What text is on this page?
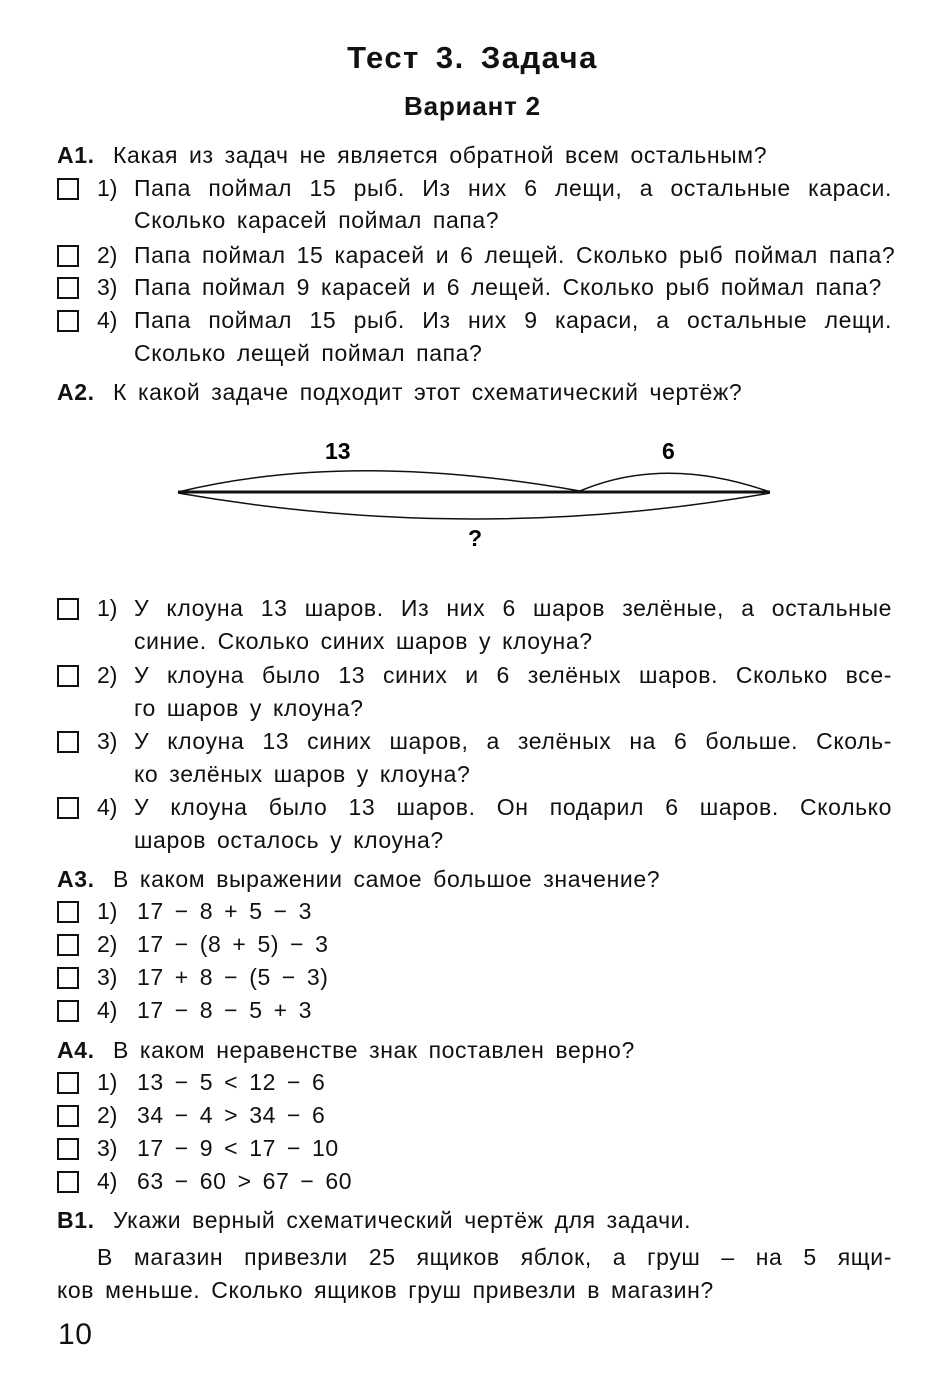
Тест 3. Задача
Вариант 2
А1. Какая из задач не является обратной всем остальным?
1) Папа поймал 15 рыб. Из них 6 лещи, а остальные караси.
Сколько карасей поймал папа?
2) Папа поймал 15 карасей и 6 лещей. Сколько рыб поймал папа?
3) Папа поймал 9 карасей и 6 лещей. Сколько рыб поймал папа?
4) Папа поймал 15 рыб. Из них 9 караси, а остальные лещи.
Сколько лещей поймал папа?
А2. К какой задаче подходит этот схематический чертёж?
1) У клоуна 13 шаров. Из них 6 шаров зелёные, а остальные
синие. Сколько синих шаров у клоуна?
2) У клоуна было 13 синих и 6 зелёных шаров. Сколько все-
го шаров у клоуна?
3) У клоуна 13 синих шаров, а зелёных на 6 больше. Сколь-
ко зелёных шаров у клоуна?
4) У клоуна было 13 шаров. Он подарил 6 шаров. Сколько
шаров осталось у клоуна?
А3. В каком выражении самое большое значение?
1) 17 − 8 + 5 − 3
2) 17 − (8 + 5) − 3
3) 17 + 8 − (5 − 3)
4) 17 − 8 − 5 + 3
А4. В каком неравенстве знак поставлен верно?
1) 13 − 5 < 12 − 6
2) 34 − 4 > 34 − 6
3) 17 − 9 < 17 − 10
4) 63 − 60 > 67 − 60
В1. Укажи верный схематический чертёж для задачи.
В магазин привезли 25 ящиков яблок, а груш – на 5 ящи-
ков меньше. Сколько ящиков груш привезли в магазин?
13	6
?
10
